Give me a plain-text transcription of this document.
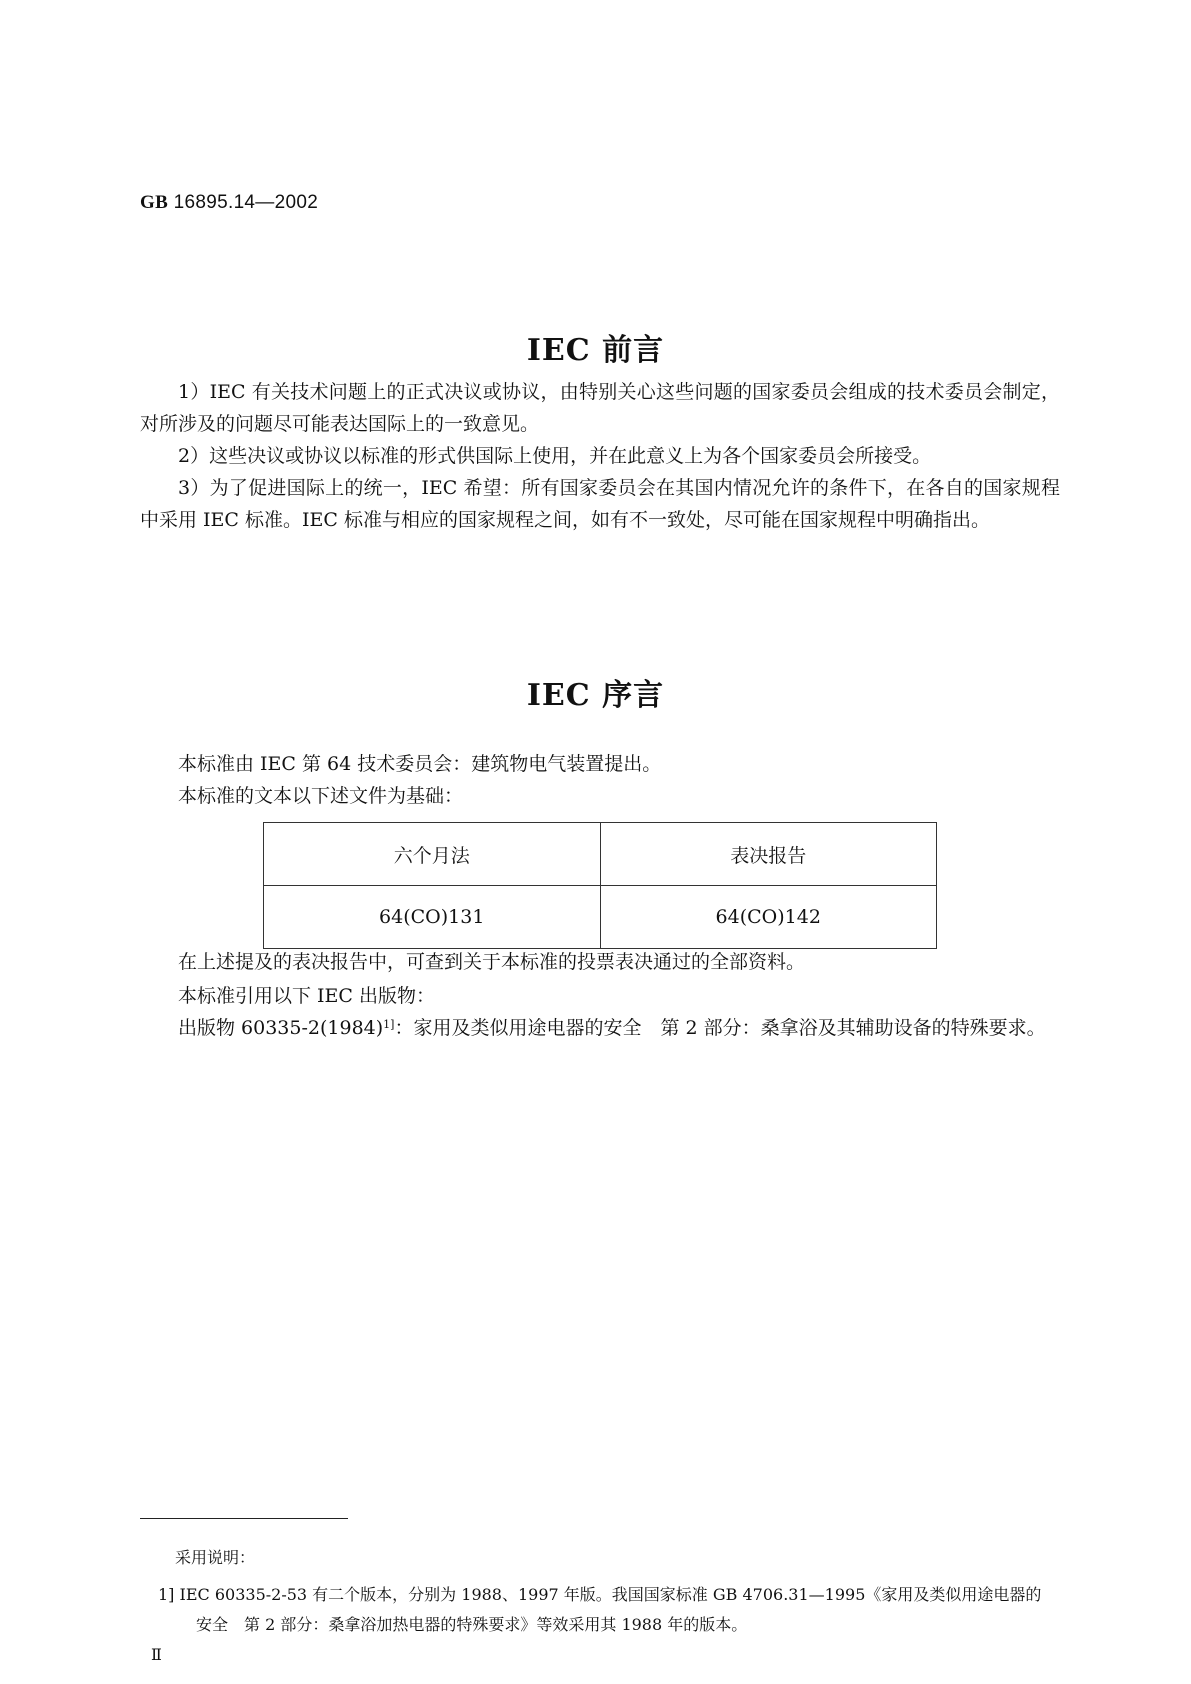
GB 16895.14—2002
IEC 前言
1）IEC 有关技术问题上的正式决议或协议，由特别关心这些问题的国家委员会组成的技术委员会制定，对所涉及的问题尽可能表达国际上的一致意见。
2）这些决议或协议以标准的形式供国际上使用，并在此意义上为各个国家委员会所接受。
3）为了促进国际上的统一，IEC 希望：所有国家委员会在其国内情况允许的条件下，在各自的国家规程中采用 IEC 标准。IEC 标准与相应的国家规程之间，如有不一致处，尽可能在国家规程中明确指出。
IEC 序言
本标准由 IEC 第 64 技术委员会：建筑物电气装置提出。
本标准的文本以下述文件为基础：
六个月法	表决报告
64(CO)131	64(CO)142
在上述提及的表决报告中，可查到关于本标准的投票表决通过的全部资料。
本标准引用以下 IEC 出版物：
出版物 $60335-2(1984)^{1]}$：家用及类似用途电器的安全　第 2 部分：桑拿浴及其辅助设备的特殊要求。
采用说明：
1] IEC 60335-2-53 有二个版本，分别为 1988、1997 年版。我国国家标准 GB 4706.31—1995《家用及类似用途电器的
安全　第 2 部分：桑拿浴加热电器的特殊要求》等效采用其 1988 年的版本。
Ⅱ
